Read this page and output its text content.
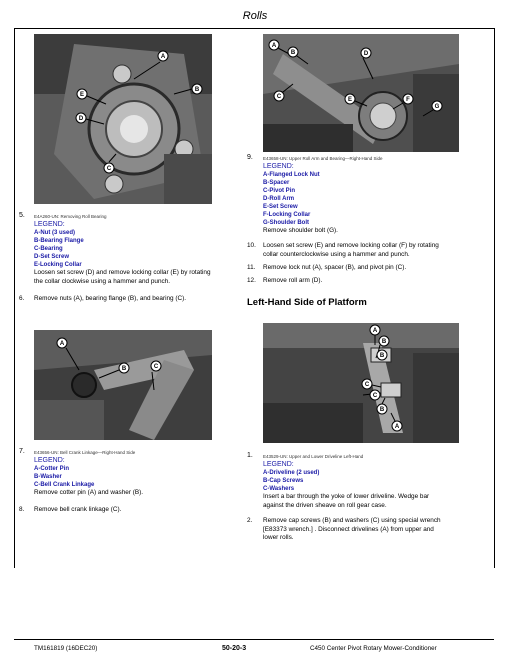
Rolls
A
B
C
D
E
5. E4A260-UN: Removing Roll Bearing
LEGEND:
A-Nut (3 used)
B-Bearing Flange
C-Bearing
D-Set Screw
E-Locking Collar
Loosen set screw (D) and remove locking collar (E) by rotating
the collar clockwise using a hammer and punch.
6. Remove nuts (A), bearing flange (B), and bearing (C).
A
B
C
D
E	F
G
9. E43658-UN: Upper Roll Arm and Bearing—Right-Hand Side
LEGEND:
A-Flanged Lock Nut
B-Spacer
C-Pivot Pin
D-Roll Arm
E-Set Screw
F-Locking Collar
G-Shoulder Bolt
Remove shoulder bolt (G).
10. Loosen set screw (E) and remove locking collar (F) by rotating
collar counterclockwise using a hammer and punch.
11. Remove lock nut (A), spacer (B), and pivot pin (C).
12. Remove roll arm (D).
Left-Hand Side of Platform
A
B	C
7. E43656-UN: Bell Crank Linkage—Right-Hand Side
LEGEND:
A-Cotter Pin
B-Washer
C-Bell Crank Linkage
Remove cotter pin (A) and washer (B).
8. Remove bell crank linkage (C).
A
B
B
C
C
B
A
1. E43529-UN: Upper and Lower Driveline Left-Hand
LEGEND:
A-Driveline (2 used)
B-Cap Screws
C-Washers
Insert a bar through the yoke of lower driveline. Wedge bar
against the driven sheave on roll gear case.
2. Remove cap screws (B) and washers (C) using special wrench
[E83373 wrench.] . Disconnect drivelines (A) from upper and
lower rolls.
TM161819 (16DEC20)	50-20-3	C450 Center Pivot Rotary Mower-Conditioner
